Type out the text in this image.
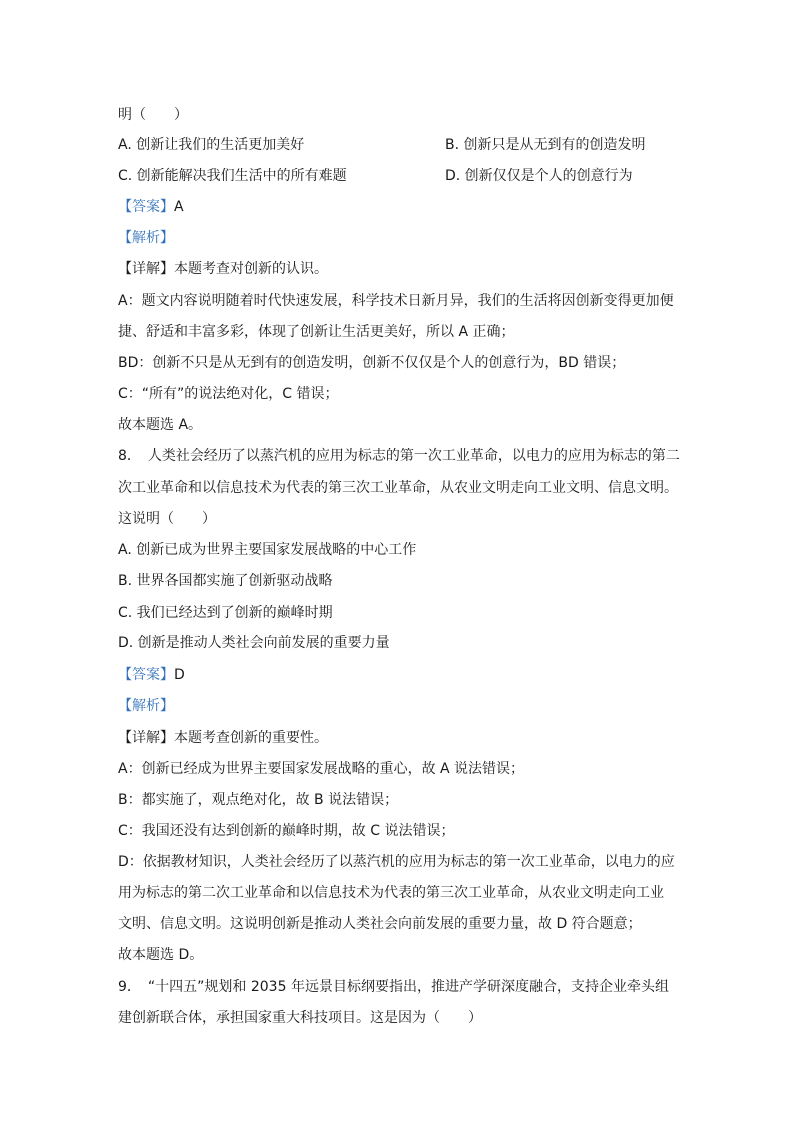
明（　　）
A. 创新让我们的生活更加美好	B. 创新只是从无到有的创造发明
C. 创新能解决我们生活中的所有难题	D. 创新仅仅是个人的创意行为
【答案】A
【解析】
【详解】本题考查对创新的认识。
A：题文内容说明随着时代快速发展，科学技术日新月异，我们的生活将因创新变得更加便
捷、舒适和丰富多彩，体现了创新让生活更美好，所以 A 正确；
BD：创新不只是从无到有的创造发明，创新不仅仅是个人的创意行为，BD 错误；
C：“所有”的说法绝对化，C 错误；
故本题选 A。
8．　人类社会经历了以蒸汽机的应用为标志的第一次工业革命，以电力的应用为标志的第二
次工业革命和以信息技术为代表的第三次工业革命，从农业文明走向工业文明、信息文明。
这说明（　　）
A. 创新已成为世界主要国家发展战略的中心工作
B. 世界各国都实施了创新驱动战略
C. 我们已经达到了创新的巅峰时期
D. 创新是推动人类社会向前发展的重要力量
【答案】D
【解析】
【详解】本题考查创新的重要性。
A：创新已经成为世界主要国家发展战略的重心，故 A 说法错误；
B：都实施了，观点绝对化，故 B 说法错误；
C：我国还没有达到创新的巅峰时期，故 C 说法错误；
D：依据教材知识，人类社会经历了以蒸汽机的应用为标志的第一次工业革命，以电力的应
用为标志的第二次工业革命和以信息技术为代表的第三次工业革命，从农业文明走向工业
文明、信息文明。这说明创新是推动人类社会向前发展的重要力量，故 D 符合题意；
故本题选 D。
9．　“十四五”规划和 2035 年远景目标纲要指出，推进产学研深度融合，支持企业牵头组
建创新联合体，承担国家重大科技项目。这是因为（　　）
